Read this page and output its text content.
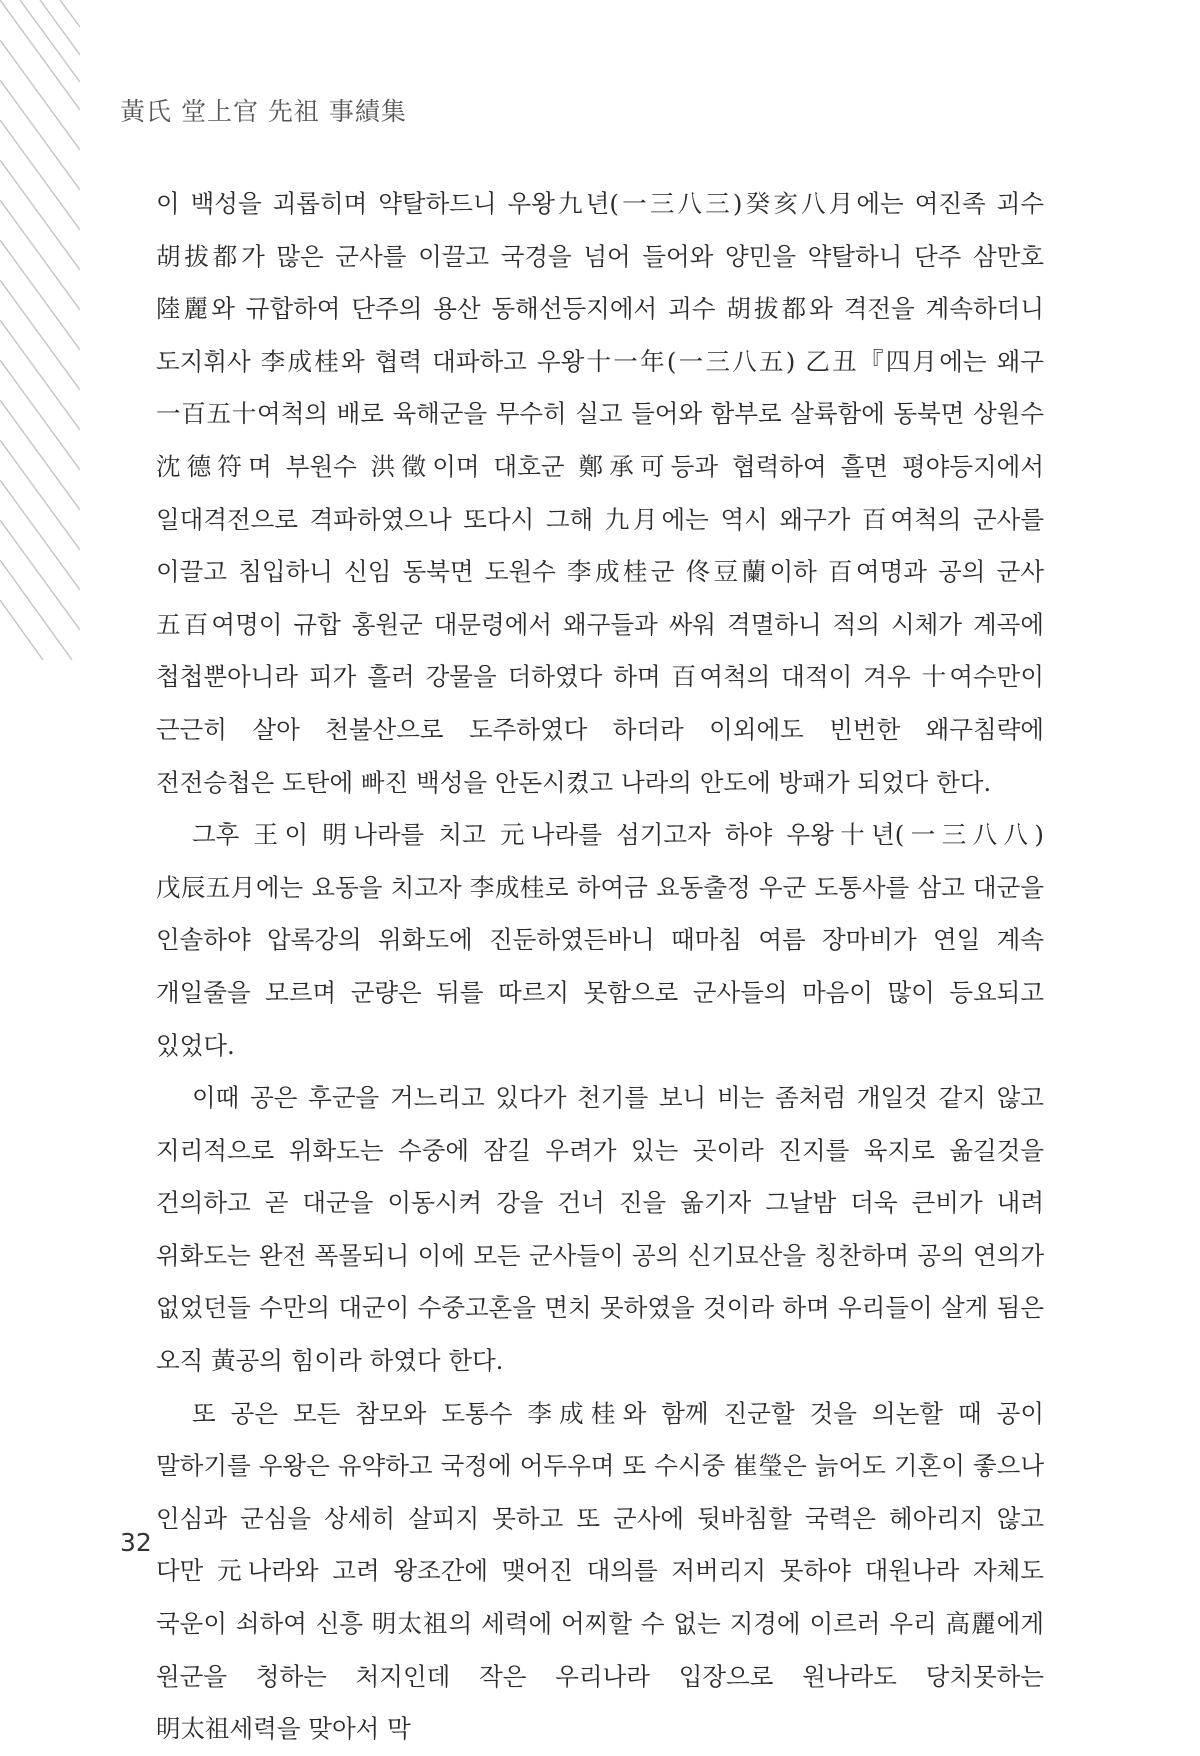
黃氏 堂上官 先祖 事績集

이 백성을 괴롭히며 약탈하드니 우왕九년(一三八三)癸亥八月에는 여진족 괴수 胡拔都가 많은 군사를 이끌고 국경을 넘어 들어와 양민을 약탈하니 단주 삼만호 陸麗와 규합하여 단주의 용산 동해선등지에서 괴수 胡拔都와 격전을 계속하더니 도지휘사 李成桂와 협력 대파하고 우왕十一年(一三八五) 乙丑『四月에는 왜구 一百五十여척의 배로 육해군을 무수히 실고 들어와 함부로 살륙함에 동북면 상원수 沈德符며 부원수 洪徵이며 대호군 鄭承可등과 협력하여 흘면 평야등지에서 일대격전으로 격파하였으나 또다시 그해 九月에는 역시 왜구가 百여척의 군사를 이끌고 침입하니 신임 동북면 도원수 李成桂군 佟豆蘭이하 百여명과 공의 군사 五百여명이 규합 홍원군 대문령에서 왜구들과 싸워 격멸하니 적의 시체가 계곡에 첩첩뿐아니라 피가 흘러 강물을 더하였다 하며 百여척의 대적이 겨우 十여수만이 근근히 살아 천불산으로 도주하였다 하더라 이외에도 빈번한 왜구침략에 전전승첩은 도탄에 빠진 백성을 안돈시켰고 나라의 안도에 방패가 되었다 한다.

그후 王이 明나라를 치고 元나라를 섬기고자 하야 우왕十년(一三八八)戊辰五月에는 요동을 치고자 李成桂로 하여금 요동출정 우군 도통사를 삼고 대군을 인솔하야 압록강의 위화도에 진둔하였든바니 때마침 여름 장마비가 연일 계속 개일줄을 모르며 군량은 뒤를 따르지 못함으로 군사들의 마음이 많이 등요되고 있었다.

이때 공은 후군을 거느리고 있다가 천기를 보니 비는 좀처럼 개일것 같지 않고 지리적으로 위화도는 수중에 잠길 우려가 있는 곳이라 진지를 육지로 옮길것을 건의하고 곧 대군을 이동시켜 강을 건너 진을 옮기자 그날밤 더욱 큰비가 내려 위화도는 완전 폭몰되니 이에 모든 군사들이 공의 신기묘산을 칭찬하며 공의 연의가 없었던들 수만의 대군이 수중고혼을 면치 못하였을 것이라 하며 우리들이 살게 됨은 오직 黃공의 힘이라 하였다 한다.

또 공은 모든 참모와 도통수 李成桂와 함께 진군할 것을 의논할 때 공이 말하기를 우왕은 유약하고 국정에 어두우며 또 수시중 崔瑩은 늙어도 기혼이 좋으나 인심과 군심을 상세히 살피지 못하고 또 군사에 뒷바침할 국력은 헤아리지 않고 다만 元나라와 고려 왕조간에 맺어진 대의를 저버리지 못하야 대원나라 자체도 국운이 쇠하여 신흥 明太祖의 세력에 어찌할 수 없는 지경에 이르러 우리 高麗에게 원군을 청하는 처지인데 작은 우리나라 입장으로 원나라도 당치못하는 明太祖세력을 맞아서 막

32
